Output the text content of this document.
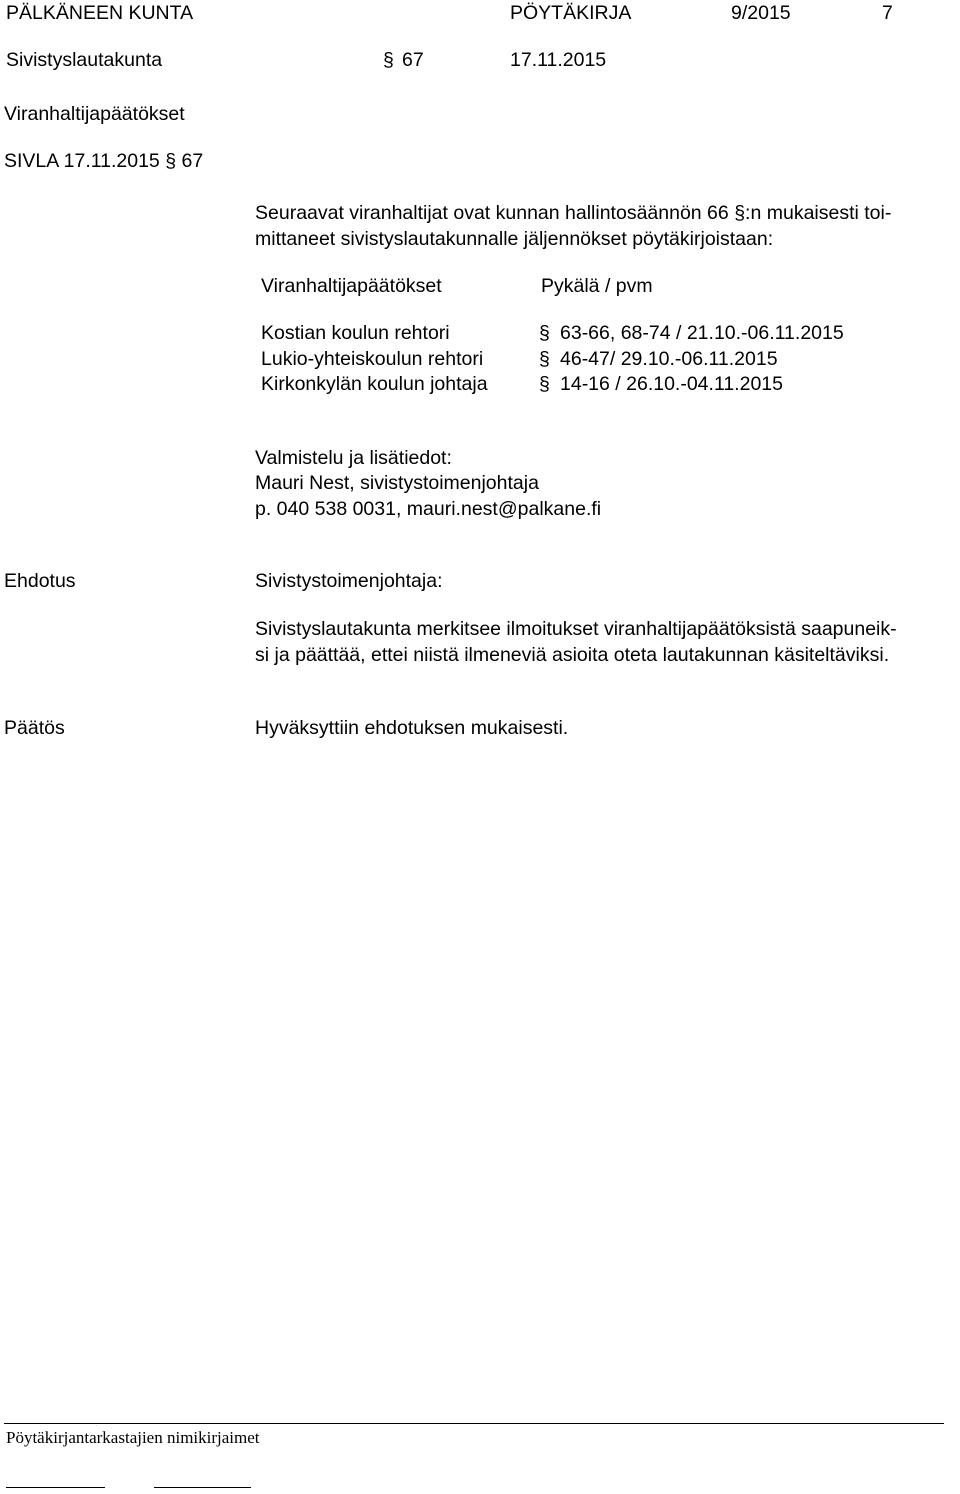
PÄLKÄNEEN KUNTA	PÖYTÄKIRJA	9/2015	7
Sivistyslautakunta	§ 67	17.11.2015
Viranhaltijapäätökset
SIVLA 17.11.2015 § 67
Seuraavat viranhaltijat ovat kunnan hallintosäännön 66 §:n mukaisesti toi-
mittaneet sivistyslautakunnalle jäljennökset pöytäkirjoistaan:
Viranhaltijapäätökset	Pykälä / pvm
Kostian koulun rehtori	§ 63-66, 68-74 / 21.10.-06.11.2015
Lukio-yhteiskoulun rehtori	§ 46-47/ 29.10.-06.11.2015
Kirkonkylän koulun johtaja	§ 14-16 / 26.10.-04.11.2015
Valmistelu ja lisätiedot:
Mauri Nest, sivistystoimenjohtaja
p. 040 538 0031, mauri.nest@palkane.fi
Ehdotus	Sivistystoimenjohtaja:
Sivistyslautakunta merkitsee ilmoitukset viranhaltijapäätöksistä saapuneik-
si ja päättää, ettei niistä ilmeneviä asioita oteta lautakunnan käsiteltäviksi.
Päätös	Hyväksyttiin ehdotuksen mukaisesti.
Pöytäkirjantarkastajien nimikirjaimet
